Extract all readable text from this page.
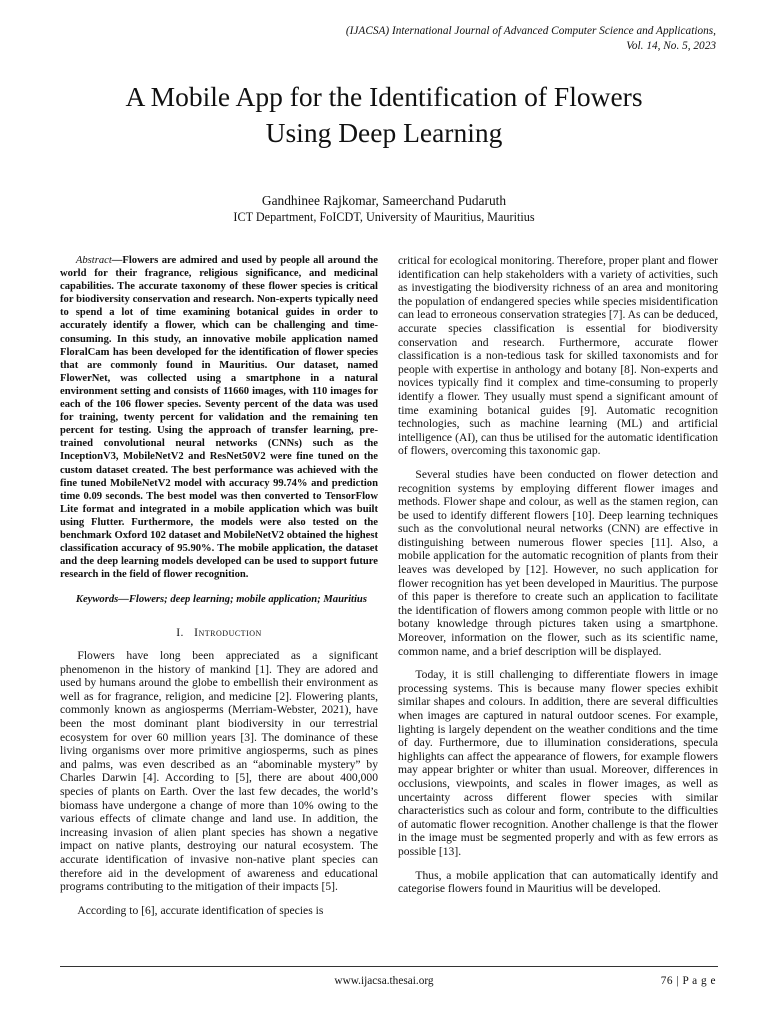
(IJACSA) International Journal of Advanced Computer Science and Applications,
Vol. 14, No. 5, 2023
A Mobile App for the Identification of Flowers
Using Deep Learning
Gandhinee Rajkomar, Sameerchand Pudaruth
ICT Department, FoICDT, University of Mauritius, Mauritius

Abstract—Flowers are admired and used by people all around the world for their fragrance, religious significance, and medicinal capabilities. The accurate taxonomy of these flower species is critical for biodiversity conservation and research. Non-experts typically need to spend a lot of time examining botanical guides in order to accurately identify a flower, which can be challenging and time-consuming. In this study, an innovative mobile application named FloralCam has been developed for the identification of flower species that are commonly found in Mauritius. Our dataset, named FlowerNet, was collected using a smartphone in a natural environment setting and consists of 11660 images, with 110 images for each of the 106 flower species. Seventy percent of the data was used for training, twenty percent for validation and the remaining ten percent for testing. Using the approach of transfer learning, pre-trained convolutional neural networks (CNNs) such as the InceptionV3, MobileNetV2 and ResNet50V2 were fine tuned on the custom dataset created. The best performance was achieved with the fine tuned MobileNetV2 model with accuracy 99.74% and prediction time 0.09 seconds. The best model was then converted to TensorFlow Lite format and integrated in a mobile application which was built using Flutter. Furthermore, the models were also tested on the benchmark Oxford 102 dataset and MobileNetV2 obtained the highest classification accuracy of 95.90%. The mobile application, the dataset and the deep learning models developed can be used to support future research in the field of flower recognition.

Keywords—Flowers; deep learning; mobile application; Mauritius

I. Introduction

Flowers have long been appreciated as a significant phenomenon in the history of mankind [1]. They are adored and used by humans around the globe to embellish their environment as well as for fragrance, religion, and medicine [2]. Flowering plants, commonly known as angiosperms (Merriam-Webster, 2021), have been the most dominant plant biodiversity in our terrestrial ecosystem for over 60 million years [3]. The dominance of these living organisms over more primitive angiosperms, such as pines and palms, was even described as an “abominable mystery” by Charles Darwin [4]. According to [5], there are about 400,000 species of plants on Earth. Over the last few decades, the world’s biomass have undergone a change of more than 10% owing to the various effects of climate change and land use. In addition, the increasing invasion of alien plant species has shown a negative impact on native plants, destroying our natural ecosystem. The accurate identification of invasive non-native plant species can therefore aid in the development of awareness and educational programs contributing to the mitigation of their impacts [5].

According to [6], accurate identification of species is

critical for ecological monitoring. Therefore, proper plant and flower identification can help stakeholders with a variety of activities, such as investigating the biodiversity richness of an area and monitoring the population of endangered species while species misidentification can lead to erroneous conservation strategies [7]. As can be deduced, accurate species classification is essential for biodiversity conservation and research. Furthermore, accurate flower classification is a non-tedious task for skilled taxonomists and for people with expertise in anthology and botany [8]. Non-experts and novices typically find it complex and time-consuming to properly identify a flower. They usually must spend a significant amount of time examining botanical guides [9]. Automatic recognition technologies, such as machine learning (ML) and artificial intelligence (AI), can thus be utilised for the automatic identification of flowers, overcoming this taxonomic gap.

Several studies have been conducted on flower detection and recognition systems by employing different flower images and methods. Flower shape and colour, as well as the stamen region, can be used to identify different flowers [10]. Deep learning techniques such as the convolutional neural networks (CNN) are effective in distinguishing between numerous flower species [11]. Also, a mobile application for the automatic recognition of plants from their leaves was developed by [12]. However, no such application for flower recognition has yet been developed in Mauritius. The purpose of this paper is therefore to create such an application to facilitate the identification of flowers among common people with little or no botany knowledge through pictures taken using a smartphone. Moreover, information on the flower, such as its scientific name, common name, and a brief description will be displayed.

Today, it is still challenging to differentiate flowers in image processing systems. This is because many flower species exhibit similar shapes and colours. In addition, there are several difficulties when images are captured in natural outdoor scenes. For example, lighting is largely dependent on the weather conditions and the time of day. Furthermore, due to illumination considerations, specula highlights can affect the appearance of flowers, for example flowers may appear brighter or whiter than usual. Moreover, differences in occlusions, viewpoints, and scales in flower images, as well as uncertainty across different flower species with similar characteristics such as colour and form, contribute to the difficulties of automatic flower recognition. Another challenge is that the flower in the image must be segmented properly and with as few errors as possible [13].

Thus, a mobile application that can automatically identify and categorise flowers found in Mauritius will be developed.

www.ijacsa.thesai.org	76 | P a g e
